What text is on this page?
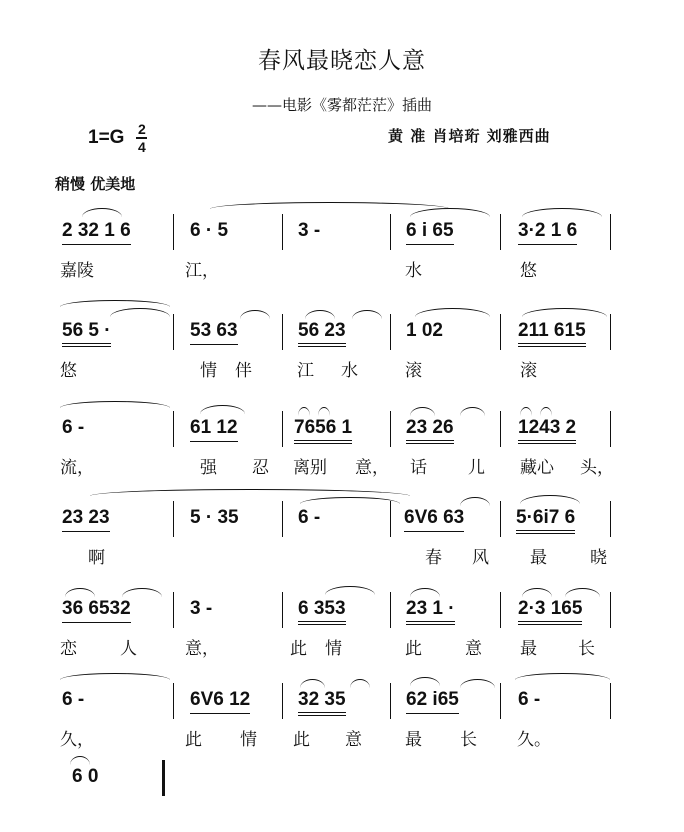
春风最晓恋人意
——电影《雾都茫茫》插曲
1=G 2
4
黄 准 肖培珩 刘雅西曲
稍慢 优美地
2 32 1 6	6 · 5	3 -	6 i 65	3·2 1 6
嘉陵	江，	水	悠
56 5 ·	53 63	56 23	1 02	211 615
悠	情 伴	江 水	滚	滚
6 -	61 12	7656 1	23 26	1243 2
流，	强 忍 离别 意， 话 儿 藏心 头，
23 23	5 · 35	6 -	6V6 63	5·6i7 6
啊	春 风 最	晓
36 6532	3 -	6 353	23 1 ·	2·3 165
恋	人	意，	此 情	此	意 最 长
6 -	6V6 12	32 35	62 i65	6 -
久，	此 情 此 意	最 长 久。
6 0
